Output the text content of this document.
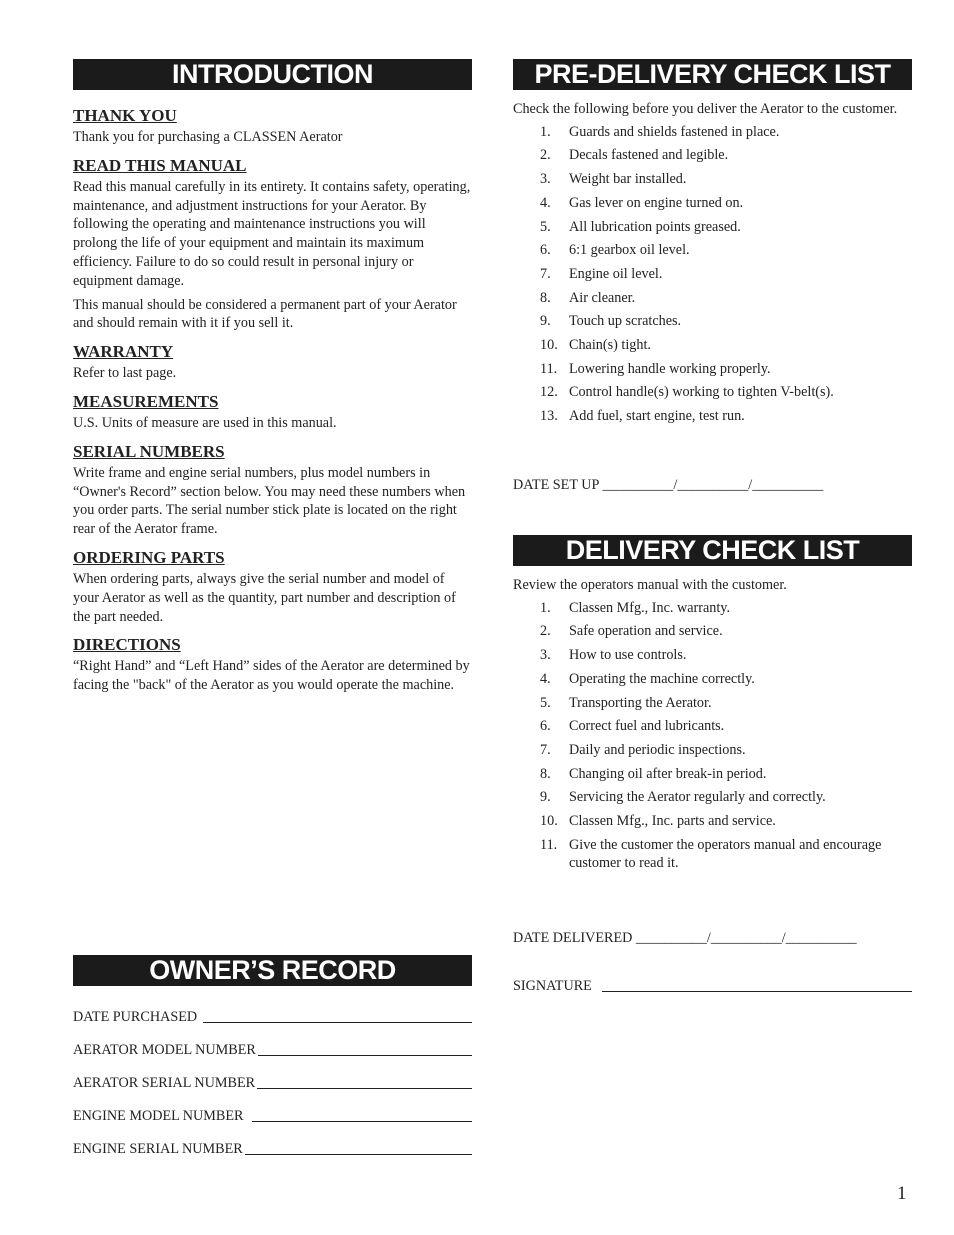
INTRODUCTION
THANK YOU

Thank you for purchasing a CLASSEN Aerator

READ THIS MANUAL

Read this manual carefully in its entirety. It contains safety, operating, maintenance, and adjustment instructions for your Aerator. By following the operating and maintenance instructions you will prolong the life of your equipment and maintain its maximum efficiency. Failure to do so could result in personal injury or equipment damage.

This manual should be considered a permanent part of your Aerator and should remain with it if you sell it.

WARRANTY

Refer to last page.

MEASUREMENTS

U.S. Units of measure are used in this manual.

SERIAL NUMBERS

Write frame and engine serial numbers, plus model numbers in “Owner's Record” section below. You may need these numbers when you order parts. The serial number stick plate is located on the right rear of the Aerator frame.

ORDERING PARTS

When ordering parts, always give the serial number and model of your Aerator as well as the quantity, part number and description of the part needed.

DIRECTIONS

“Right Hand” and “Left Hand” sides of the Aerator are determined by facing the "back" of the Aerator as you would operate the machine.

OWNER’S RECORD
DATE PURCHASED
AERATOR MODEL NUMBER
AERATOR SERIAL NUMBER
ENGINE MODEL NUMBER
ENGINE SERIAL NUMBER
PRE-DELIVERY CHECK LIST

Check the following before you deliver the Aerator to the customer.

1.	Guards and shields fastened in place.
2.	Decals fastened and legible.
3.	Weight bar installed.
4.	Gas lever on engine turned on.
5.	All lubrication points greased.
6.	6:1 gearbox oil level.
7.	Engine oil level.
8.	Air cleaner.
9.	Touch up scratches.
10. Chain(s) tight.
11. Lowering handle working properly.
12. Control handle(s) working to tighten V-belt(s).
13. Add fuel, start engine, test run.
DATE SET UP __________/__________/__________
DELIVERY CHECK LIST

Review the operators manual with the customer.

1.	Classen Mfg., Inc. warranty.
2.	Safe operation and service.
3.	How to use controls.
4.	Operating the machine correctly.
5.	Transporting the Aerator.
6.	Correct fuel and lubricants.
7.	Daily and periodic inspections.
8.	Changing oil after break-in period.
9.	Servicing the Aerator regularly and correctly.
10. Classen Mfg., Inc. parts and service.
11. Give the customer the operators manual and encourage customer to read it.
DATE DELIVERED __________/__________/__________
SIGNATURE
1
